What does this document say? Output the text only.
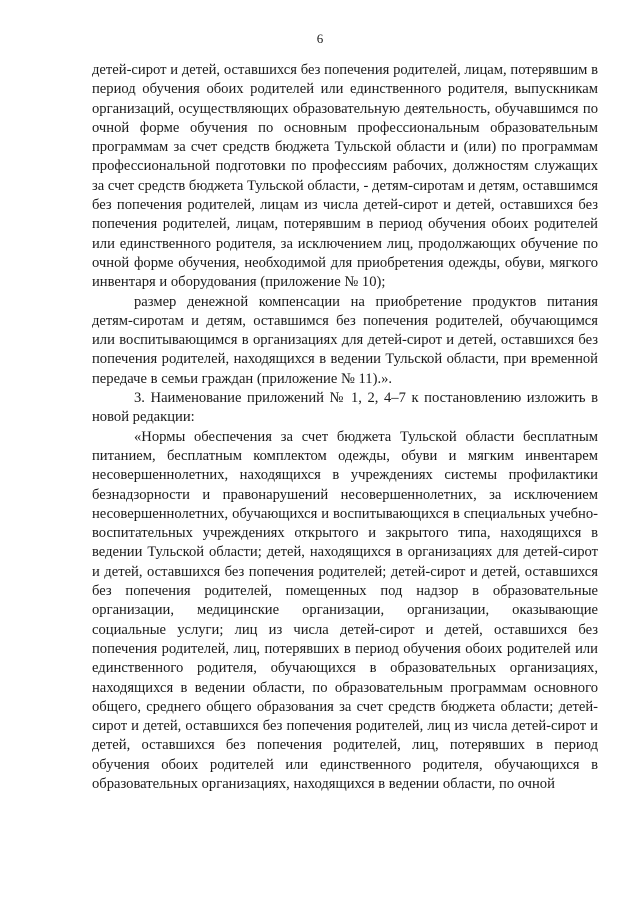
6

детей-сирот и детей, оставшихся без попечения родителей, лицам, потерявшим в период обучения обоих родителей или единственного родителя, выпускникам организаций, осуществляющих образовательную деятельность, обучавшимся по очной форме обучения по основным профессиональным образовательным программам за счет средств бюджета Тульской области и (или) по программам профессиональной подготовки по профессиям рабочих, должностям служащих за счет средств бюджета Тульской области, - детям-сиротам и детям, оставшимся без попечения родителей, лицам из числа детей-сирот и детей, оставшихся без попечения родителей, лицам, потерявшим в период обучения обоих родителей или единственного родителя, за исключением лиц, продолжающих обучение по очной форме обучения, необходимой для приобретения одежды, обуви, мягкого инвентаря и оборудования (приложение № 10);

размер денежной компенсации на приобретение продуктов питания детям-сиротам и детям, оставшимся без попечения родителей, обучающимся или воспитывающимся в организациях для детей-сирот и детей, оставшихся без попечения родителей, находящихся в ведении Тульской области, при временной передаче в семьи граждан (приложение № 11).».

3. Наименование приложений № 1, 2, 4–7 к постановлению изложить в новой редакции:

«Нормы обеспечения за счет бюджета Тульской области бесплатным питанием, бесплатным комплектом одежды, обуви и мягким инвентарем несовершеннолетних, находящихся в учреждениях системы профилактики безнадзорности и правонарушений несовершеннолетних, за исключением несовершеннолетних, обучающихся и воспитывающихся в специальных учебно-воспитательных учреждениях открытого и закрытого типа, находящихся в ведении Тульской области; детей, находящихся в организациях для детей-сирот и детей, оставшихся без попечения родителей; детей-сирот и детей, оставшихся без попечения родителей, помещенных под надзор в образовательные организации, медицинские организации, организации, оказывающие социальные услуги; лиц из числа детей-сирот и детей, оставшихся без попечения родителей, лиц, потерявших в период обучения обоих родителей или единственного родителя, обучающихся в образовательных организациях, находящихся в ведении области, по образовательным программам основного общего, среднего общего образования за счет средств бюджета области; детей-сирот и детей, оставшихся без попечения родителей, лиц из числа детей-сирот и детей, оставшихся без попечения родителей, лиц, потерявших в период обучения обоих родителей или единственного родителя, обучающихся в образовательных организациях, находящихся в ведении области, по очной
